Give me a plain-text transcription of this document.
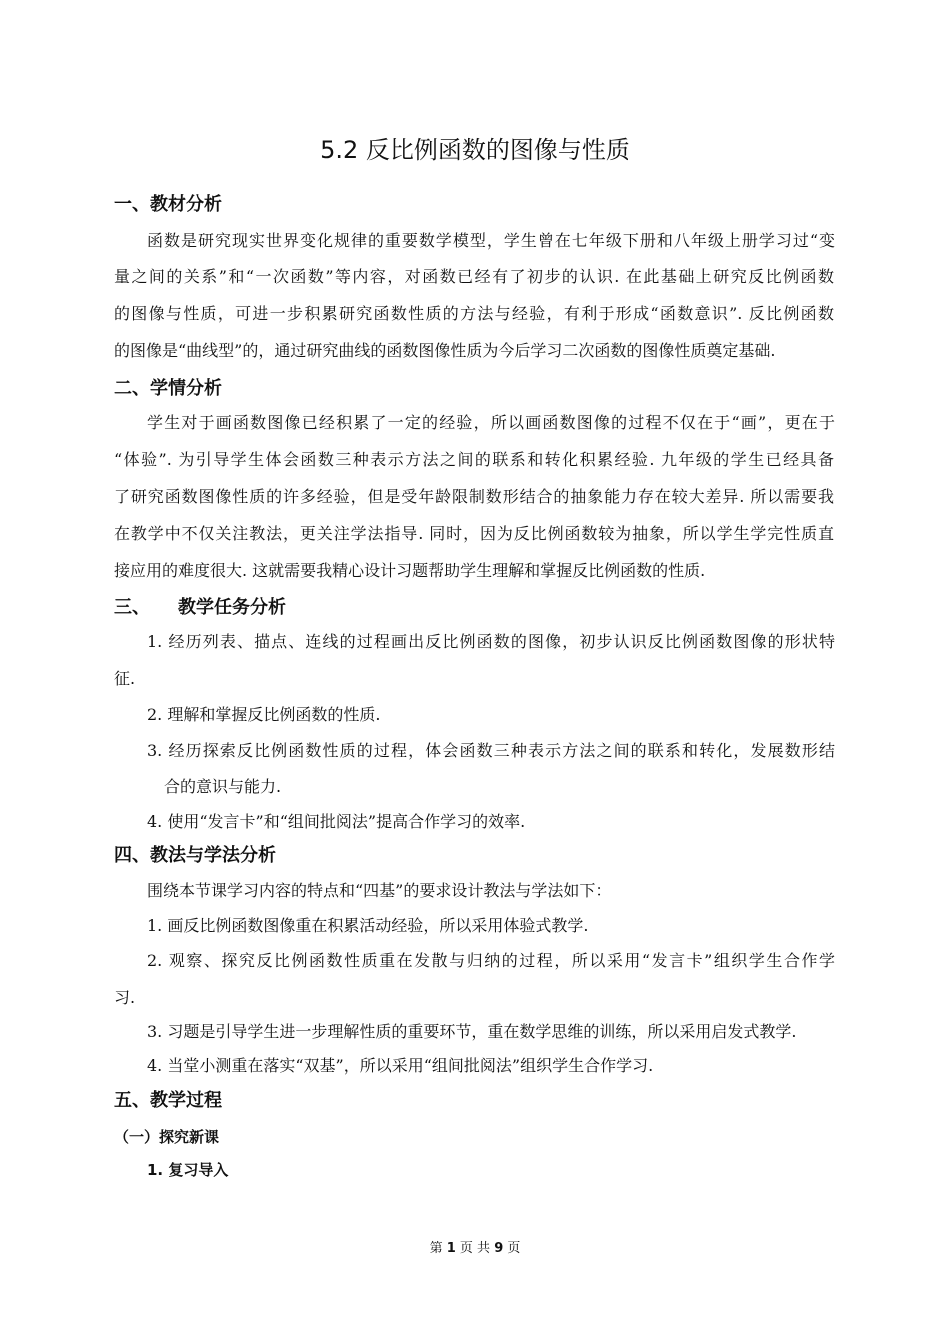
5.2 反比例函数的图像与性质
一、教材分析
函数是研究现实世界变化规律的重要数学模型，学生曾在七年级下册和八年级上册学习过“变
量之间的关系”和“一次函数”等内容，对函数已经有了初步的认识. 在此基础上研究反比例函数
的图像与性质，可进一步积累研究函数性质的方法与经验，有利于形成“函数意识”. 反比例函数
的图像是“曲线型”的，通过研究曲线的函数图像性质为今后学习二次函数的图像性质奠定基础.
二、学情分析
学生对于画函数图像已经积累了一定的经验，所以画函数图像的过程不仅在于“画”，更在于
“体验”. 为引导学生体会函数三种表示方法之间的联系和转化积累经验. 九年级的学生已经具备
了研究函数图像性质的许多经验，但是受年龄限制数形结合的抽象能力存在较大差异. 所以需要我
在教学中不仅关注教法，更关注学法指导. 同时，因为反比例函数较为抽象，所以学生学完性质直
接应用的难度很大. 这就需要我精心设计习题帮助学生理解和掌握反比例函数的性质.
三、 教学任务分析
1. 经历列表、描点、连线的过程画出反比例函数的图像，初步认识反比例函数图像的形状特
征.
2. 理解和掌握反比例函数的性质.
3. 经历探索反比例函数性质的过程，体会函数三种表示方法之间的联系和转化，发展数形结
合的意识与能力.
4. 使用“发言卡”和“组间批阅法”提高合作学习的效率.
四、教法与学法分析
围绕本节课学习内容的特点和“四基”的要求设计教法与学法如下：
1. 画反比例函数图像重在积累活动经验，所以采用体验式教学.
2. 观察、探究反比例函数性质重在发散与归纳的过程，所以采用“发言卡”组织学生合作学
习.
3. 习题是引导学生进一步理解性质的重要环节，重在数学思维的训练，所以采用启发式教学.
4. 当堂小测重在落实“双基”，所以采用“组间批阅法”组织学生合作学习.
五、教学过程
（一）探究新课
1. 复习导入
第 1 页 共 9 页
